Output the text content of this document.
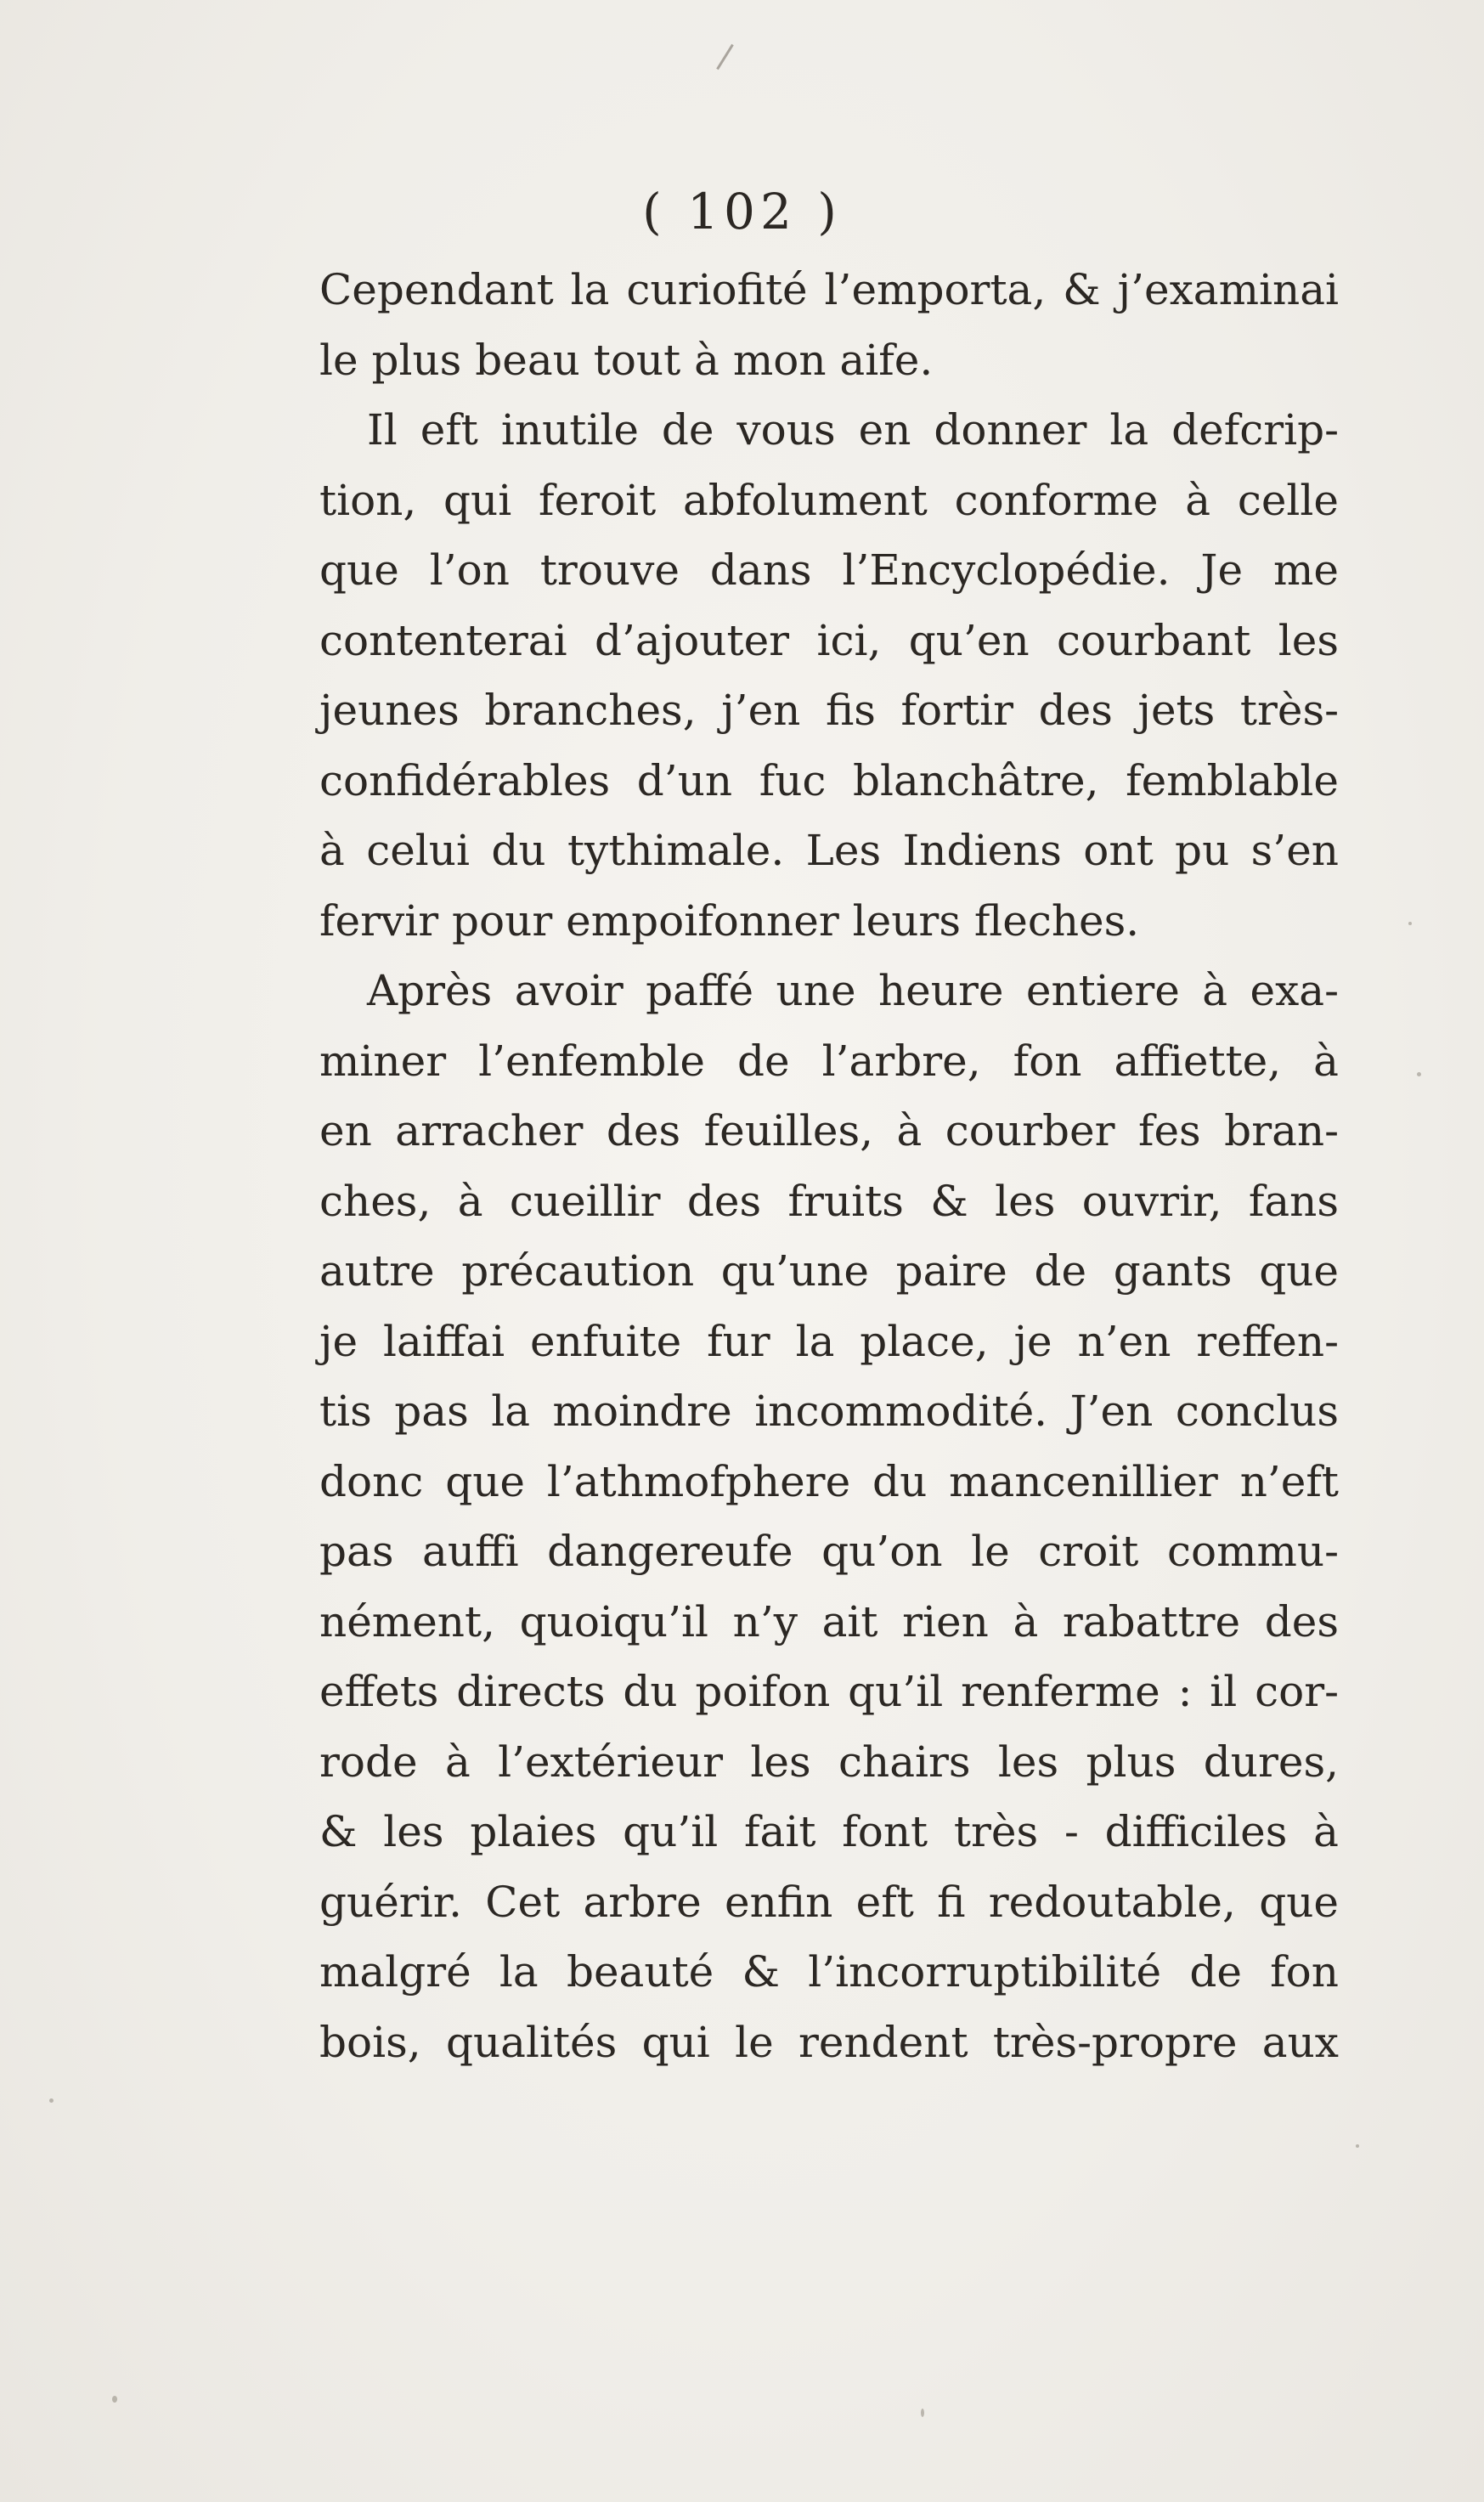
( 102 )
Cependant la curiofité l’emporta, & j’examinai
le plus beau tout à mon aife.
Il eft inutile de vous en donner la defcrip-
tion, qui feroit abfolument conforme à celle
que l’on trouve dans l’Encyclopédie. Je me
contenterai d’ajouter ici, qu’en courbant les
jeunes branches, j’en fis fortir des jets très-
confidérables d’un fuc blanchâtre, femblable
à celui du tythimale. Les Indiens ont pu s’en
fervir pour empoifonner leurs fleches.
Après avoir paffé une heure entiere à exa-
miner l’enfemble de l’arbre, fon affiette, à
en arracher des feuilles, à courber fes bran-
ches, à cueillir des fruits & les ouvrir, fans
autre précaution qu’une paire de gants que
je laiffai enfuite fur la place, je n’en reffen-
tis pas la moindre incommodité. J’en conclus
donc que l’athmofphere du mancenillier n’eft
pas auffi dangereufe qu’on le croit commu-
nément, quoiqu’il n’y ait rien à rabattre des
effets directs du poifon qu’il renferme : il cor-
rode à l’extérieur les chairs les plus dures,
& les plaies qu’il fait font très - difficiles à
guérir. Cet arbre enfin eft fi redoutable, que
malgré la beauté & l’incorruptibilité de fon
bois, qualités qui le rendent très-propre aux
